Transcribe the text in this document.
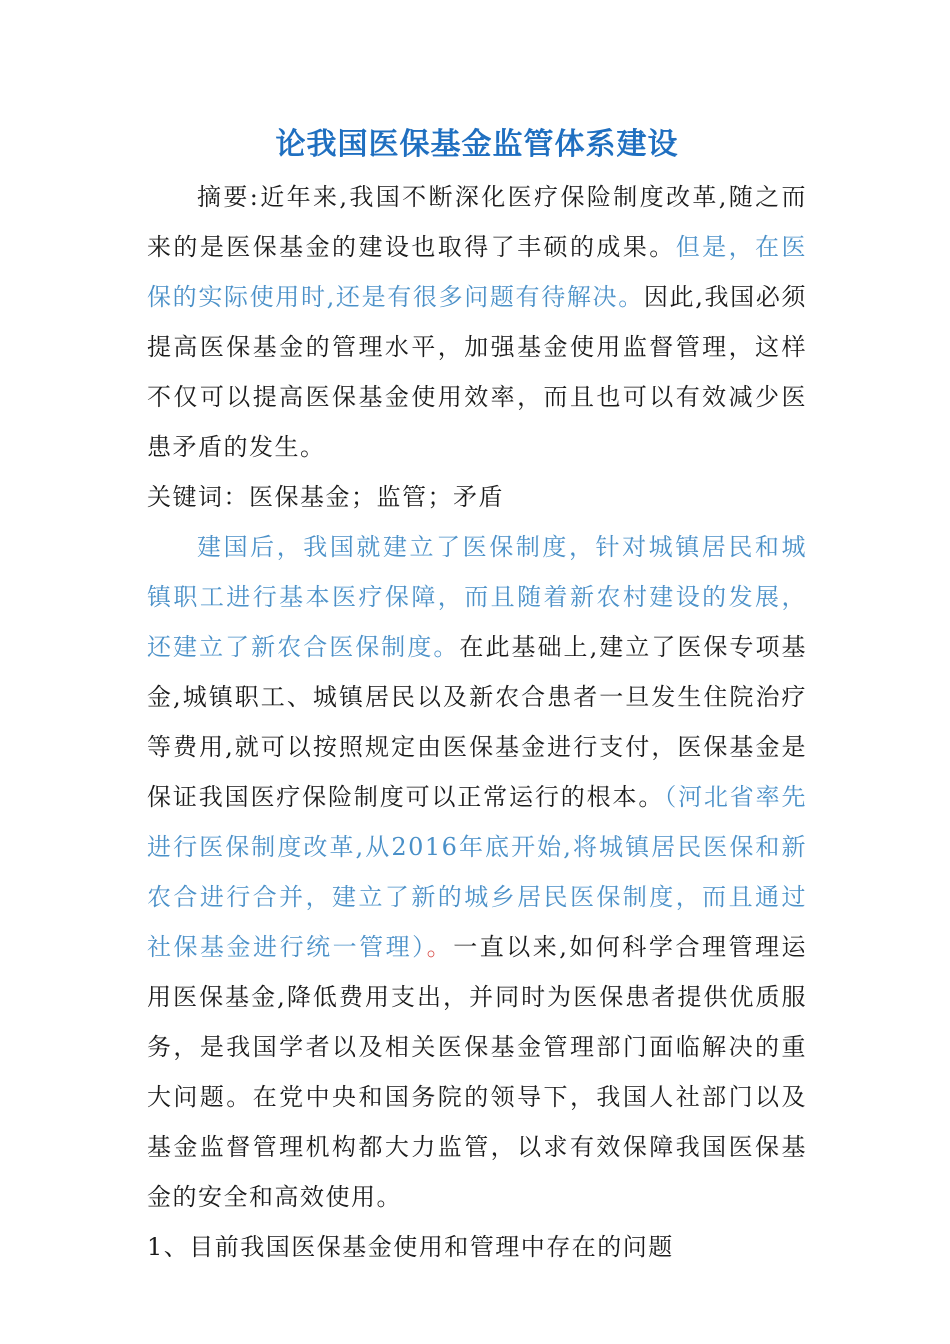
论我国医保基金监管体系建设

摘要:近年来,我国不断深化医疗保险制度改革,随之而来的是医保基金的建设也取得了丰硕的成果。但是，在医保的实际使用时,还是有很多问题有待解决。因此,我国必须提高医保基金的管理水平，加强基金使用监督管理，这样不仅可以提高医保基金使用效率，而且也可以有效减少医患矛盾的发生。

关键词：医保基金；监管；矛盾

建国后，我国就建立了医保制度，针对城镇居民和城镇职工进行基本医疗保障，而且随着新农村建设的发展，还建立了新农合医保制度。在此基础上,建立了医保专项基金,城镇职工、城镇居民以及新农合患者一旦发生住院治疗等费用,就可以按照规定由医保基金进行支付，医保基金是保证我国医疗保险制度可以正常运行的根本。（河北省率先进行医保制度改革,从2016年底开始,将城镇居民医保和新农合进行合并，建立了新的城乡居民医保制度，而且通过社保基金进行统一管理）。一直以来,如何科学合理管理运用医保基金,降低费用支出，并同时为医保患者提供优质服务，是我国学者以及相关医保基金管理部门面临解决的重大问题。在党中央和国务院的领导下，我国人社部门以及基金监督管理机构都大力监管，以求有效保障我国医保基金的安全和高效使用。

1、目前我国医保基金使用和管理中存在的问题
